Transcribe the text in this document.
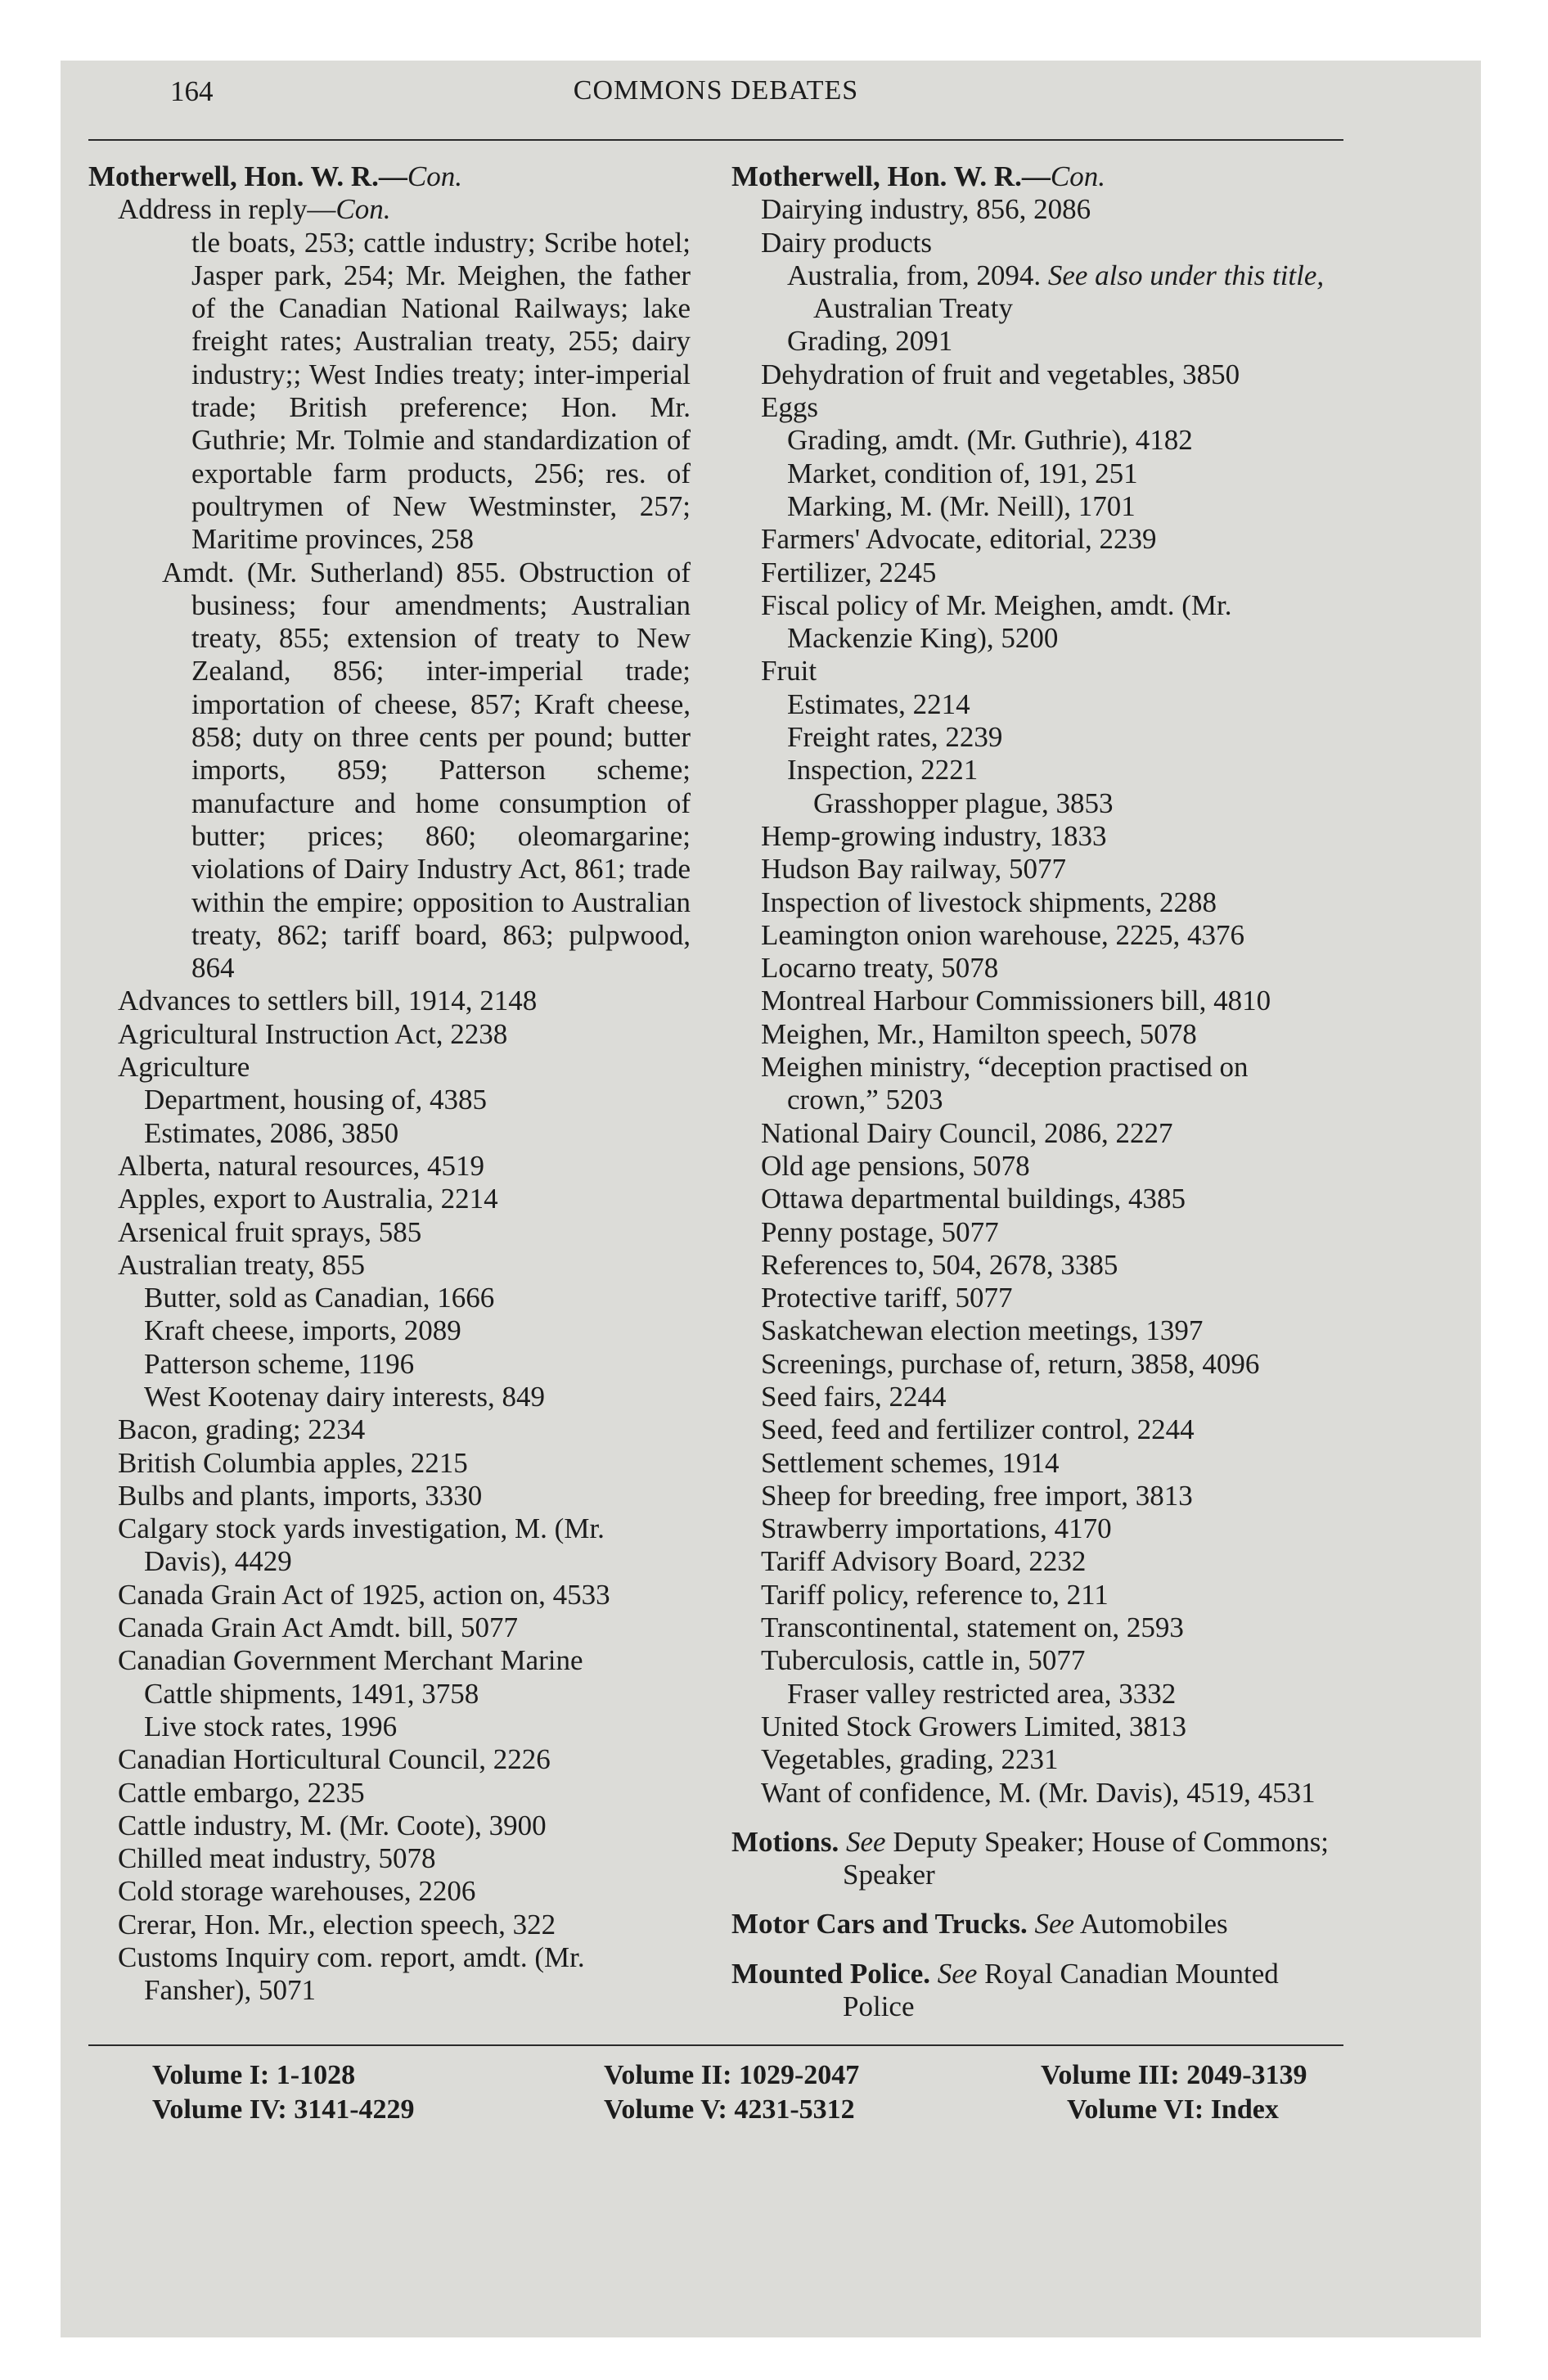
164	COMMONS DEBATES
Motherwell, Hon. W. R.—Con.
Address in reply—Con.
tle boats, 253; cattle industry; Scribe hotel; Jasper park, 254; Mr. Meighen, the father of the Canadian National Railways; lake freight rates; Australian treaty, 255; dairy industry;; West Indies treaty; inter-imperial trade; British preference; Hon. Mr. Guthrie; Mr. Tolmie and standardization of exportable farm products, 256; res. of poultrymen of New Westminster, 257; Maritime provinces, 258
Amdt. (Mr. Sutherland) 855. Obstruction of business; four amendments; Australian treaty, 855; extension of treaty to New Zealand, 856; inter-imperial trade; importation of cheese, 857; Kraft cheese, 858; duty on three cents per pound; butter imports, 859; Patterson scheme; manufacture and home consumption of butter; prices; 860; oleomargarine; violations of Dairy Industry Act, 861; trade within the empire; opposition to Australian treaty, 862; tariff board, 863; pulpwood, 864
Advances to settlers bill, 1914, 2148
Agricultural Instruction Act, 2238
Agriculture
Department, housing of, 4385
Estimates, 2086, 3850
Alberta, natural resources, 4519
Apples, export to Australia, 2214
Arsenical fruit sprays, 585
Australian treaty, 855
Butter, sold as Canadian, 1666
Kraft cheese, imports, 2089
Patterson scheme, 1196
West Kootenay dairy interests, 849
Bacon, grading; 2234
British Columbia apples, 2215
Bulbs and plants, imports, 3330
Calgary stock yards investigation, M. (Mr. Davis), 4429
Canada Grain Act of 1925, action on, 4533
Canada Grain Act Amdt. bill, 5077
Canadian Government Merchant Marine
Cattle shipments, 1491, 3758
Live stock rates, 1996
Canadian Horticultural Council, 2226
Cattle embargo, 2235
Cattle industry, M. (Mr. Coote), 3900
Chilled meat industry, 5078
Cold storage warehouses, 2206
Crerar, Hon. Mr., election speech, 322
Customs Inquiry com. report, amdt. (Mr. Fansher), 5071
Motherwell, Hon. W. R.—Con.
Dairying industry, 856, 2086
Dairy products
Australia, from, 2094. See also under this title, Australian Treaty
Grading, 2091
Dehydration of fruit and vegetables, 3850
Eggs
Grading, amdt. (Mr. Guthrie), 4182
Market, condition of, 191, 251
Marking, M. (Mr. Neill), 1701
Farmers' Advocate, editorial, 2239
Fertilizer, 2245
Fiscal policy of Mr. Meighen, amdt. (Mr. Mackenzie King), 5200
Fruit
Estimates, 2214
Freight rates, 2239
Inspection, 2221
Grasshopper plague, 3853
Hemp-growing industry, 1833
Hudson Bay railway, 5077
Inspection of livestock shipments, 2288
Leamington onion warehouse, 2225, 4376
Locarno treaty, 5078
Montreal Harbour Commissioners bill, 4810
Meighen, Mr., Hamilton speech, 5078
Meighen ministry, “deception practised on crown,” 5203
National Dairy Council, 2086, 2227
Old age pensions, 5078
Ottawa departmental buildings, 4385
Penny postage, 5077
References to, 504, 2678, 3385
Protective tariff, 5077
Saskatchewan election meetings, 1397
Screenings, purchase of, return, 3858, 4096
Seed fairs, 2244
Seed, feed and fertilizer control, 2244
Settlement schemes, 1914
Sheep for breeding, free import, 3813
Strawberry importations, 4170
Tariff Advisory Board, 2232
Tariff policy, reference to, 211
Transcontinental, statement on, 2593
Tuberculosis, cattle in, 5077
Fraser valley restricted area, 3332
United Stock Growers Limited, 3813
Vegetables, grading, 2231
Want of confidence, M. (Mr. Davis), 4519, 4531
Motions. See Deputy Speaker; House of Commons; Speaker
Motor Cars and Trucks. See Automobiles
Mounted Police. See Royal Canadian Mounted Police
Volume I: 1-1028	Volume II: 1029-2047	Volume III: 2049-3139
Volume IV: 3141-4229	Volume V: 4231-5312	Volume VI: Index
